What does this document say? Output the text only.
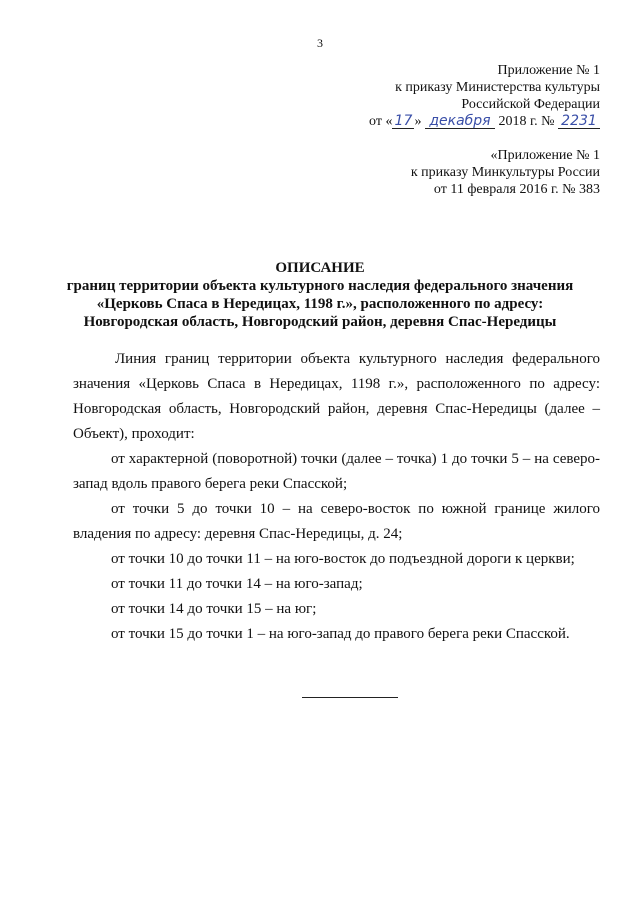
3
Приложение № 1
к приказу Министерства культуры
Российской Федерации
от « 17 » декабря 2018 г. № 2231
«Приложение № 1
к приказу Минкультуры России
от 11 февраля 2016 г. № 383
ОПИСАНИЕ
границ территории объекта культурного наследия федерального значения
«Церковь Спаса в Нередицах, 1198 г.», расположенного по адресу:
Новгородская область, Новгородский район, деревня Спас-Нередицы

Линия границ территории объекта культурного наследия федерального значения «Церковь Спаса в Нередицах, 1198 г.», расположенного по адресу: Новгородская область, Новгородский район, деревня Спас-Нередицы (далее – Объект), проходит:

от характерной (поворотной) точки (далее – точка) 1 до точки 5 – на северо-запад вдоль правого берега реки Спасской;

от точки 5 до точки 10 – на северо-восток по южной границе жилого владения по адресу: деревня Спас-Нередицы, д. 24;

от точки 10 до точки 11 – на юго-восток до подъездной дороги к церкви;

от точки 11 до точки 14 – на юго-запад;

от точки 14 до точки 15 – на юг;

от точки 15 до точки 1 – на юго-запад до правого берега реки Спасской.
